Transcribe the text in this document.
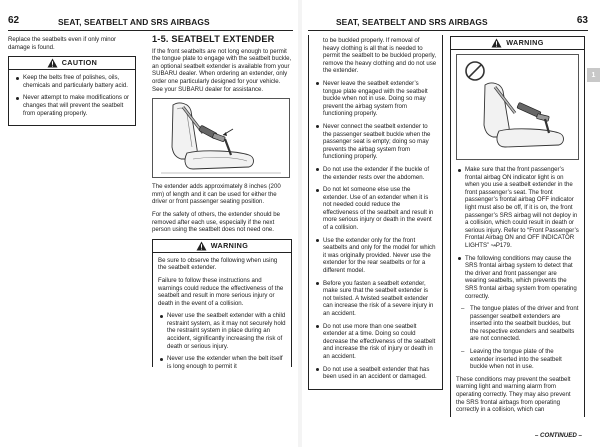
62	SEAT, SEATBELT AND SRS AIRBAGS

Replace the seatbelts even if only minor damage is found.

CAUTION
Keep the belts free of polishes, oils, chemicals and particularly battery acid.
Never attempt to make modifications or changes that will prevent the seatbelt from operating properly.
1-5. SEATBELT EXTENDER

If the front seatbelts are not long enough to permit the tongue plate to engage with the seatbelt buckle, an optional seatbelt extender is available from your SUBARU dealer. When ordering an extender, only order one particularly designed for your vehicle. See your SUBARU dealer for assistance.

The extender adds approximately 8 inches (200 mm) of length and it can be used for either the driver or front passenger seating position.

For the safety of others, the extender should be removed after each use, especially if the next person using the seatbelt does not need one.

WARNING

Be sure to observe the following when using the seatbelt extender.

Failure to follow these instructions and warnings could reduce the effectiveness of the seatbelt and result in more serious injury or death in the event of a collision.

Never use the seatbelt extender with a child restraint system, as it may not securely hold the restraint system in place during an accident, significantly increasing the risk of death or serious injury.
Never use the extender when the belt itself is long enough to permit it
SEAT, SEATBELT AND SRS AIRBAGS	63

to be buckled properly. If removal of heavy clothing is all that is needed to permit the seatbelt to be buckled properly, remove the heavy clothing and do not use the extender.

Never leave the seatbelt extender’s tongue plate engaged with the seatbelt buckle when not in use. Doing so may prevent the airbag system from functioning properly.
Never connect the seatbelt extender to the passenger seatbelt buckle when the passenger seat is empty; doing so may prevents the airbag system from functioning properly.
Do not use the extender if the buckle of the extender rests over the abdomen.
Do not let someone else use the extender. Use of an extender when it is not needed could reduce the effectiveness of the seatbelt and result in more serious injury or death in the event of a collision.
Use the extender only for the front seatbelts and only for the model for which it was originally provided. Never use the extender for the rear seatbelts or for a different model.
Before you fasten a seatbelt extender, make sure that the seatbelt extender is not twisted. A twisted seatbelt extender can increase the risk of a severe injury in an accident.
Do not use more than one seatbelt extender at a time. Doing so could decrease the effectiveness of the seatbelt and increase the risk of injury or death in an accident.
Do not use a seatbelt extender that has been used in an accident or damaged.
WARNING
Make sure that the front passenger’s frontal airbag ON indicator light is on when you use a seatbelt extender in the front passenger’s seat. The front passenger’s frontal airbag OFF indicator light must also be off, If it is on, the front passenger’s SRS airbag will not deploy in a collision, which could result in death or serious injury. Refer to “Front Passenger’s Frontal Airbag ON and OFF INDICATOR LIGHTS” ↝P179.
The following conditions may cause the SRS frontal airbag system to detect that the driver and front passenger are wearing seatbelts, which prevents the SRS frontal airbag system from operating correctly.
– The tongue plates of the driver and front passenger seatbelt extenders are inserted into the seatbelt buckles, but the respective extenders and seatbelts are not connected.
– Leaving the tongue plate of the extender inserted into the seatbelt buckle when not in use.

These conditions may prevent the seatbelt warning light and warning alarm from operating correctly. They may also prevent the SRS frontal airbags from operating correctly in a collision, which can

– CONTINUED –
1
